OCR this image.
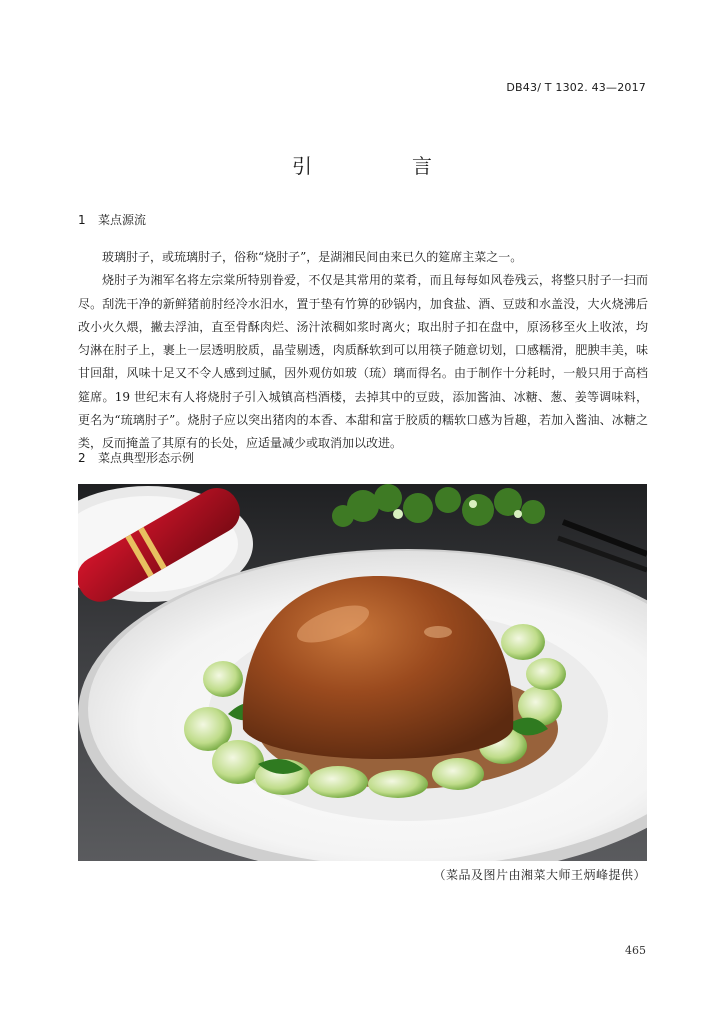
DB43/ T 1302. 43—2017
引　言
1 菜点源流

玻璃肘子，或琉璃肘子，俗称“烧肘子”，是湖湘民间由来已久的筵席主菜之一。

烧肘子为湘军名将左宗棠所特别眷爱，不仅是其常用的菜肴，而且每每如风卷残云，将整只肘子一扫而尽。刮洗干净的新鲜猪前肘经冷水汨水，置于垫有竹箅的砂锅内，加食盐、酒、豆豉和水盖没，大火烧沸后改小火久煨，撇去浮油，直至骨酥肉烂、汤汁浓稠如浆时离火；取出肘子扣在盘中，原汤移至火上收浓，均匀淋在肘子上，裹上一层透明胶质，晶莹剔透，肉质酥软到可以用筷子随意切划，口感糯滑，肥腴丰美，味甘回甜，风味十足又不令人感到过腻，因外观仿如玻（琉）璃而得名。由于制作十分耗时，一般只用于高档筵席。19 世纪末有人将烧肘子引入城镇高档酒楼，去掉其中的豆豉，添加酱油、冰糖、葱、姜等调味料，更名为“琉璃肘子”。烧肘子应以突出猪肉的本香、本甜和富于胶质的糯软口感为旨趣，若加入酱油、冰糖之类，反而掩盖了其原有的长处，应适量减少或取消加以改进。

2 菜点典型形态示例
（菜品及图片由湘菜大师王炳峰提供）
465
